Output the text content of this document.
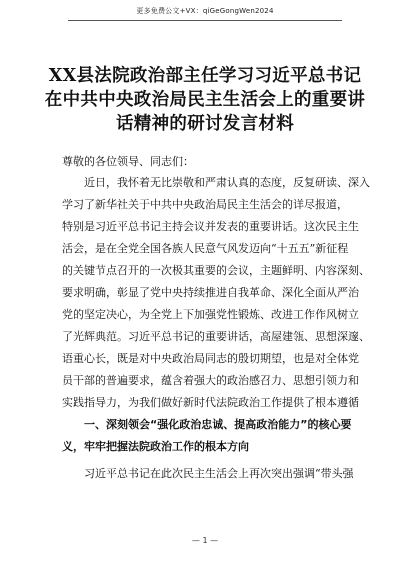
更多免费公文+VX：qiGeGongWen2024
XX县法院政治部主任学习习近平总书记
在中共中央政治局民主生活会上的重要讲
话精神的研讨发言材料
尊敬的各位领导、同志们：
　　近日，我怀着无比崇敬和严肃认真的态度，反复研读、深入
学习了新华社关于中共中央政治局民主生活会的详尽报道，
特别是习近平总书记主持会议并发表的重要讲话。这次民主生
活会，是在全党全国各族人民意气风发迈向“十五五”新征程
的关键节点召开的一次极其重要的会议，主题鲜明、内容深刻、
要求明确，彰显了党中央持续推进自我革命、深化全面从严治
党的坚定决心，为全党上下加强党性锻炼、改进工作作风树立
了光辉典范。习近平总书记的重要讲话，高屋建瓴、思想深邃、
语重心长，既是对中央政治局同志的殷切期望，也是对全体党
员干部的普遍要求，蕴含着强大的政治感召力、思想引领力和
实践指导力，为我们做好新时代法院政治工作提供了根本遵循
　　一、深刻领会“强化政治忠诚、提高政治能力”的核心要
义，牢牢把握法院政治工作的根本方向
　　习近平总书记在此次民主生活会上再次突出强调“带头强
— 1 —
